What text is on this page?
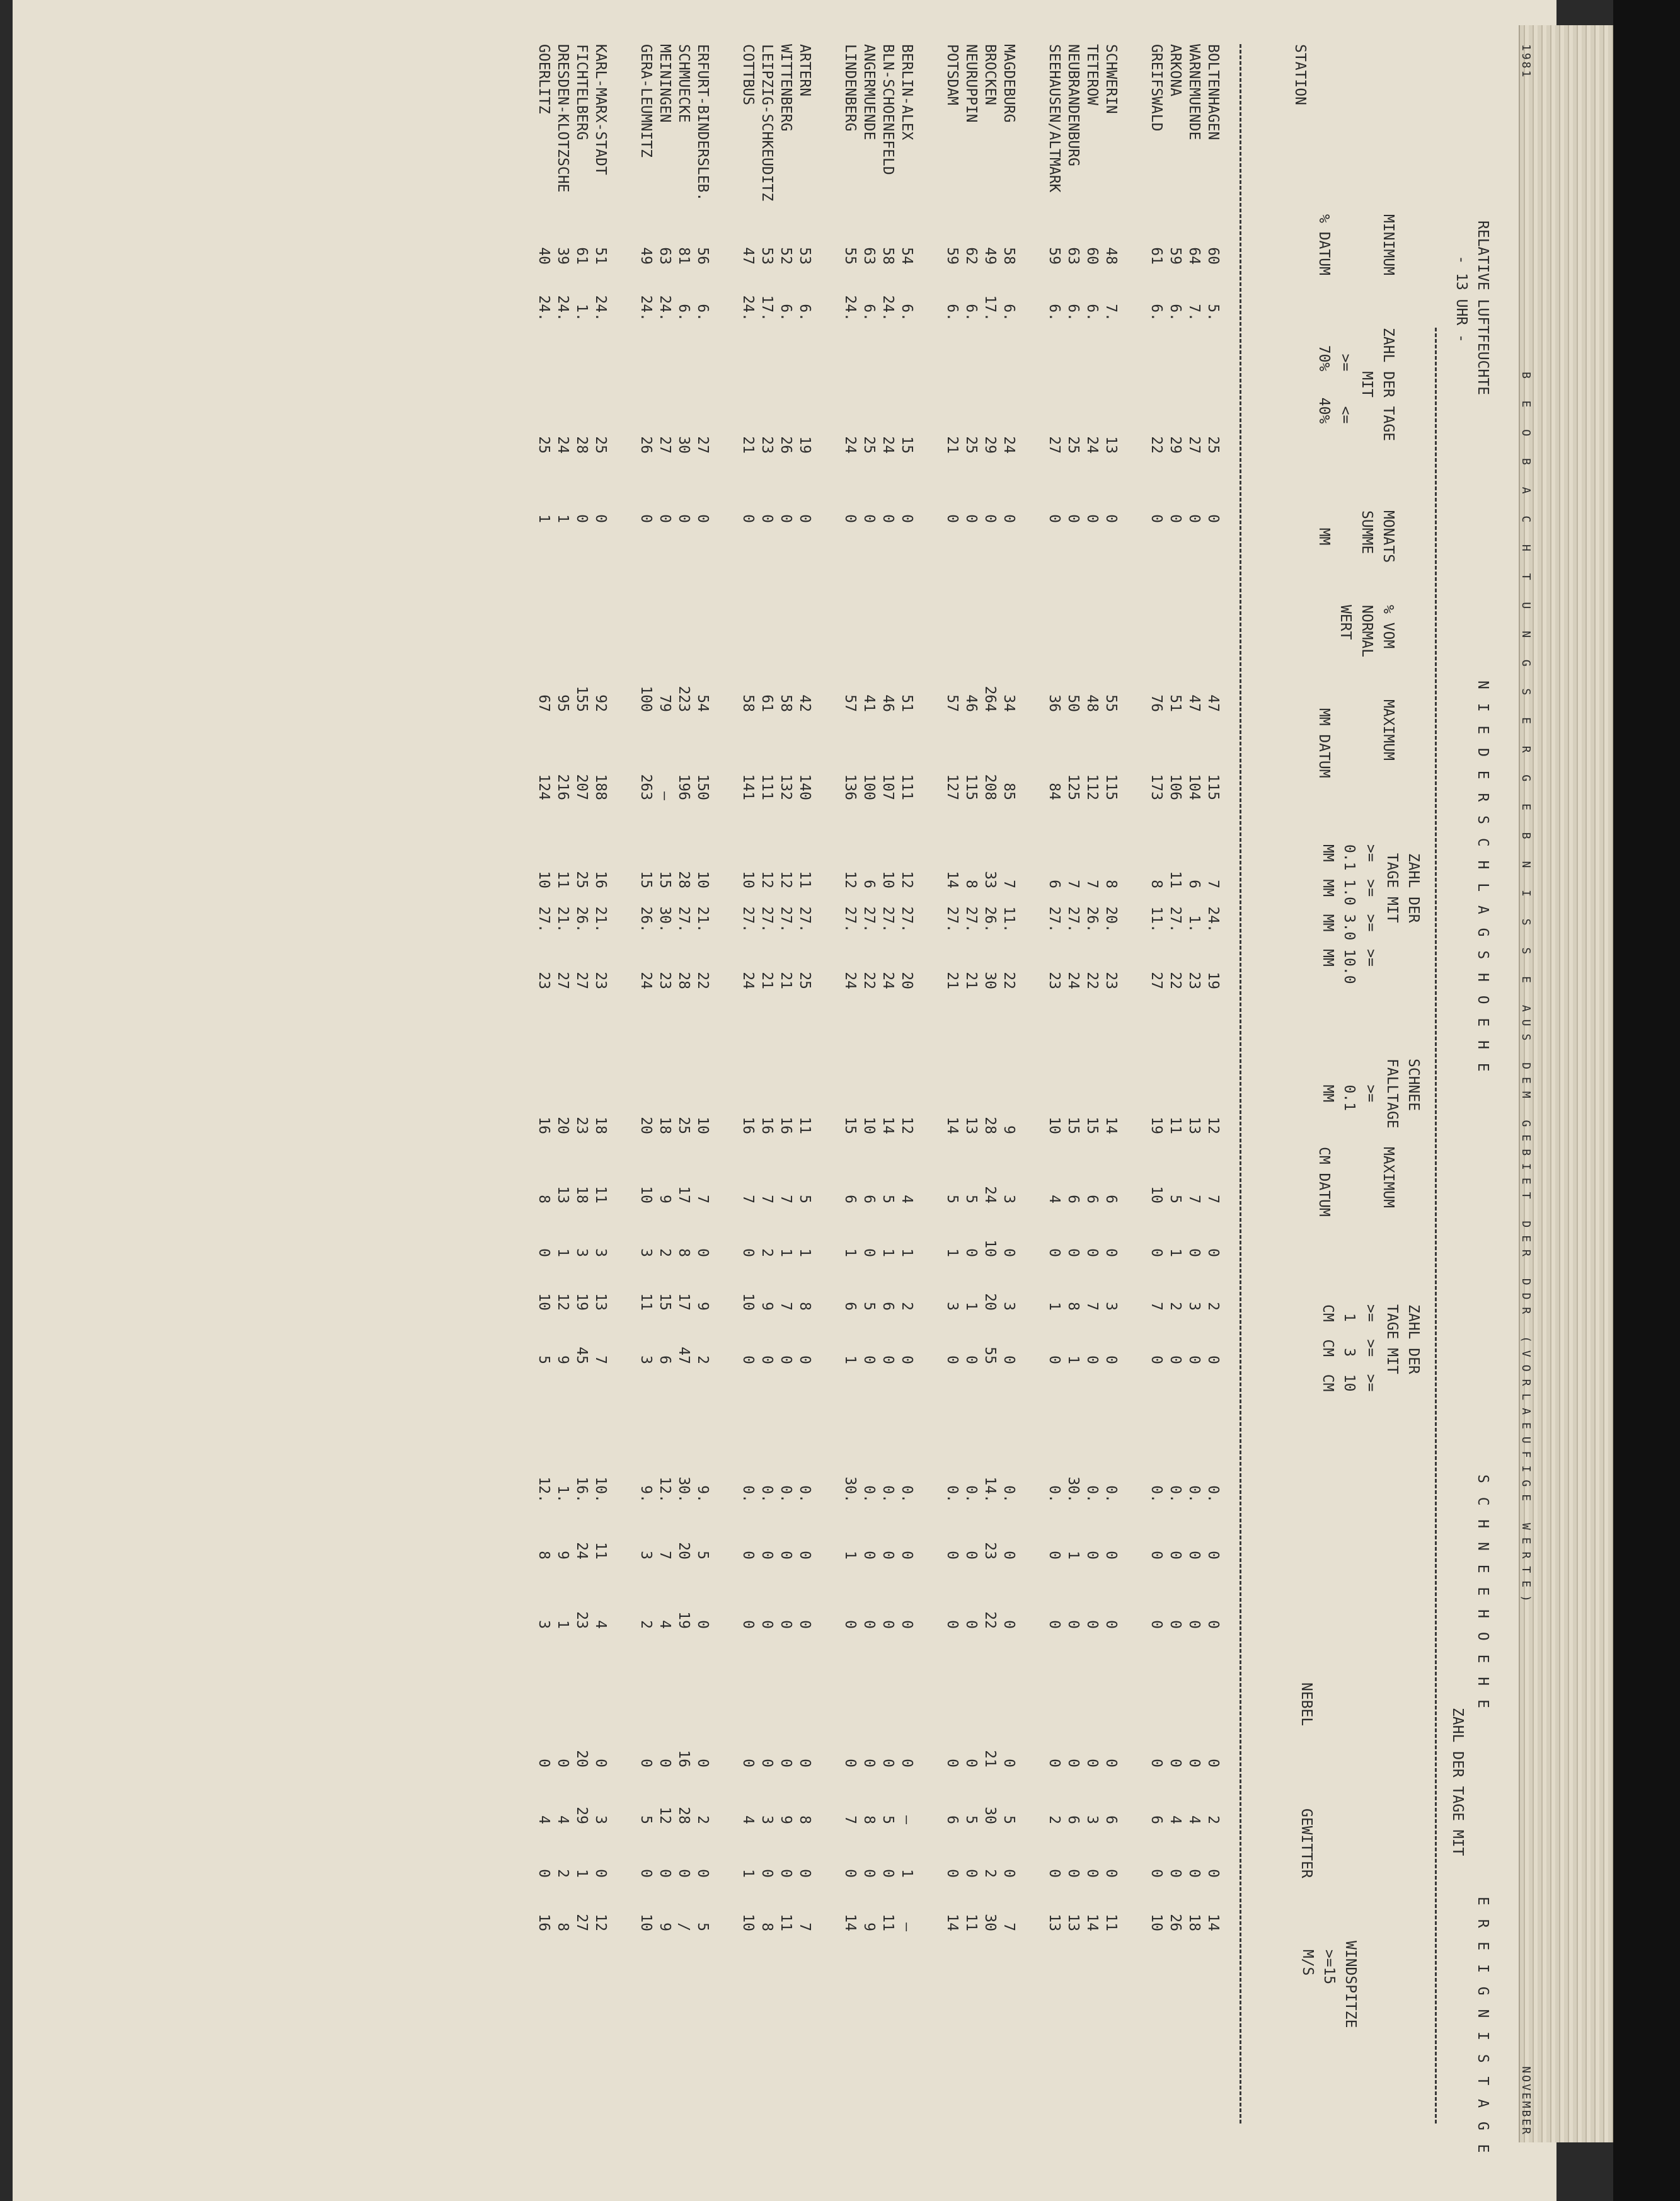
1981
B E O B A C H T U N G S E R G E B N I S S E AUS DEM GEBIET DER DDR (VORLAEUFIGE WERTE)
NOVEMBER
RELATIVE LUFTFEUCHTE
- 13 UHR -
N I E D E R S C H L A G S H O E H E
S C H N E E H O E H E
E R E I G N I S T A G E
STATION
MINIMUM

% DATUM
ZAHL DER TAGE
MIT
>=    <=
70%   40%
MONATS
SUMME

MM
% VOM
NORMAL
WERT
MAXIMUM

MM DATUM
ZAHL DER
TAGE MIT
>=  >=  >=  >=
0.1 1.0 3.0 10.0
MM  MM  MM  MM
SCHNEE
FALLTAGE
>=
0.1
MM
MAXIMUM

CM DATUM
ZAHL DER
TAGE MIT
>=  >=  >=
1   3  10
CM  CM  CM
ZAHL DER TAGE MIT
NEBEL
GEWITTER
WINDSPITZE
>=15
M/S
BOLTENHAGEN	60	5.	25	0	47	115	7	24.	19	12	7	0	2	0	0.	0	0	0	2	0	14
WARNEMUENDE	64	7.	27	0	47	104	6	1.	23	13	7	0	3	0	0.	0	0	0	4	0	18
ARKONA	59	6.	29	0	51	106	11	27.	22	11	5	1	2	0	0.	0	0	0	4	0	26
GREIFSWALD	61	6.	22	0	76	173	8	11.	27	19	10	0	7	0	0.	0	0	0	6	0	10

SCHWERIN	48	7.	13	0	55	115	8	20.	23	14	6	0	3	0	0.	0	0	0	6	0	11
TETEROW	60	6.	24	0	48	112	7	26.	22	15	6	0	7	0	0.	0	0	0	3	0	14
NEUBRANDENBURG	63	6.	25	0	50	125	7	27.	24	15	6	0	8	1	30.	1	0	0	6	0	13
SEEHAUSEN/ALTMARK	59	6.	27	0	36	84	6	27.	23	10	4	0	1	0	0.	0	0	0	2	0	13

MAGDEBURG	58	6.	24	0	34	85	7	11.	22	9	3	0	3	0	0.	0	0	0	5	0	7
BROCKEN	49	17.	29	0	264	208	33	26.	30	28	24	10	20	55	14.	23	22	21	30	2	30
NEURUPPIN	62	6.	25	0	46	115	8	27.	21	13	5	0	1	0	0.	0	0	0	5	0	11
POTSDAM	59	6.	21	0	57	127	14	27.	21	14	5	1	3	0	0.	0	0	0	6	0	14

BERLIN-ALEX	54	6.	15	0	51	111	12	27.	20	12	4	1	2	0	0.	0	0	0	—	1	—
BLN-SCHOENEFELD	58	24.	24	0	46	107	10	27.	24	14	5	1	6	0	0.	0	0	0	5	0	11
ANGERMUENDE	63	6.	25	0	41	100	6	27.	22	10	6	0	5	0	0.	0	0	0	8	0	9
LINDENBERG	55	24.	24	0	57	136	12	27.	24	15	6	1	6	1	30.	1	0	0	7	0	14

ARTERN	53	6.	19	0	42	140	11	27.	25	11	5	1	8	0	0.	0	0	0	8	0	7
WITTENBERG	52	6.	26	0	58	132	12	27.	21	16	7	1	7	0	0.	0	0	0	9	0	11
LEIPZIG-SCHKEUDITZ	53	17.	23	0	61	111	12	27.	21	16	7	2	9	0	0.	0	0	0	3	0	8
COTTBUS	47	24.	21	0	58	141	10	27.	24	16	7	0	10	0	0.	0	0	0	4	1	10

ERFURT-BINDERSLEB.	56	6.	27	0	54	150	10	21.	22	10	7	0	9	2	9.	5	0	0	2	0	5
SCHMUECKE	81	6.	30	0	223	196	28	27.	28	25	17	8	17	47	30.	20	19	16	28	0	/
MEININGEN	63	24.	27	0	79	—	15	30.	23	18	9	2	15	6	12.	7	4	0	12	0	9
GERA-LEUMNITZ	49	24.	26	0	100	263	15	26.	24	20	10	3	11	3	9.	3	2	0	5	0	10

KARL-MARX-STADT	51	24.	25	0	92	188	16	21.	23	18	11	3	13	7	10.	11	4	0	3	0	12
FICHTELBERG	61	1.	28	0	155	207	25	26.	27	23	18	3	19	45	16.	24	23	20	29	1	27
DRESDEN-KLOTZSCHE	39	24.	24	1	95	216	11	21.	27	20	13	1	12	9	1.	9	1	0	4	2	8
GOERLITZ	40	24.	25	1	67	124	10	27.	23	16	8	0	10	5	12.	8	3	0	4	0	16
